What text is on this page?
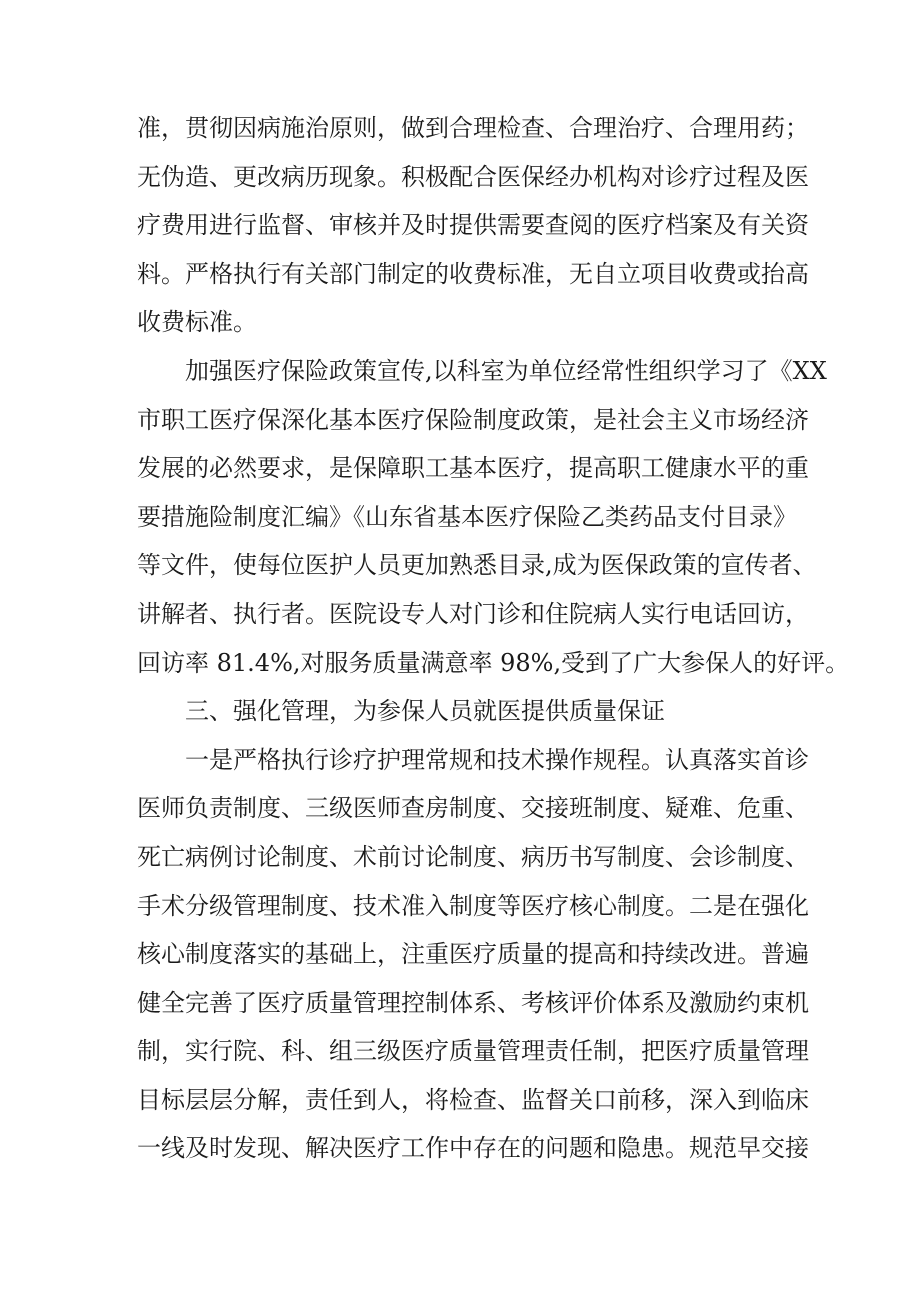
准，贯彻因病施治原则，做到合理检查、合理治疗、合理用药；
无伪造、更改病历现象。积极配合医保经办机构对诊疗过程及医
疗费用进行监督、审核并及时提供需要查阅的医疗档案及有关资
料。严格执行有关部门制定的收费标准，无自立项目收费或抬高
收费标准。
加强医疗保险政策宣传,以科室为单位经常性组织学习了《XX
市职工医疗保深化基本医疗保险制度政策，是社会主义市场经济
发展的必然要求，是保障职工基本医疗，提高职工健康水平的重
要措施险制度汇编》《山东省基本医疗保险乙类药品支付目录》
等文件，使每位医护人员更加熟悉目录,成为医保政策的宣传者、
讲解者、执行者。医院设专人对门诊和住院病人实行电话回访，
回访率 81.4%,对服务质量满意率 98%,受到了广大参保人的好评。
三、强化管理，为参保人员就医提供质量保证
一是严格执行诊疗护理常规和技术操作规程。认真落实首诊
医师负责制度、三级医师查房制度、交接班制度、疑难、危重、
死亡病例讨论制度、术前讨论制度、病历书写制度、会诊制度、
手术分级管理制度、技术准入制度等医疗核心制度。二是在强化
核心制度落实的基础上，注重医疗质量的提高和持续改进。普遍
健全完善了医疗质量管理控制体系、考核评价体系及激励约束机
制，实行院、科、组三级医疗质量管理责任制，把医疗质量管理
目标层层分解，责任到人，将检查、监督关口前移，深入到临床
一线及时发现、解决医疗工作中存在的问题和隐患。规范早交接
